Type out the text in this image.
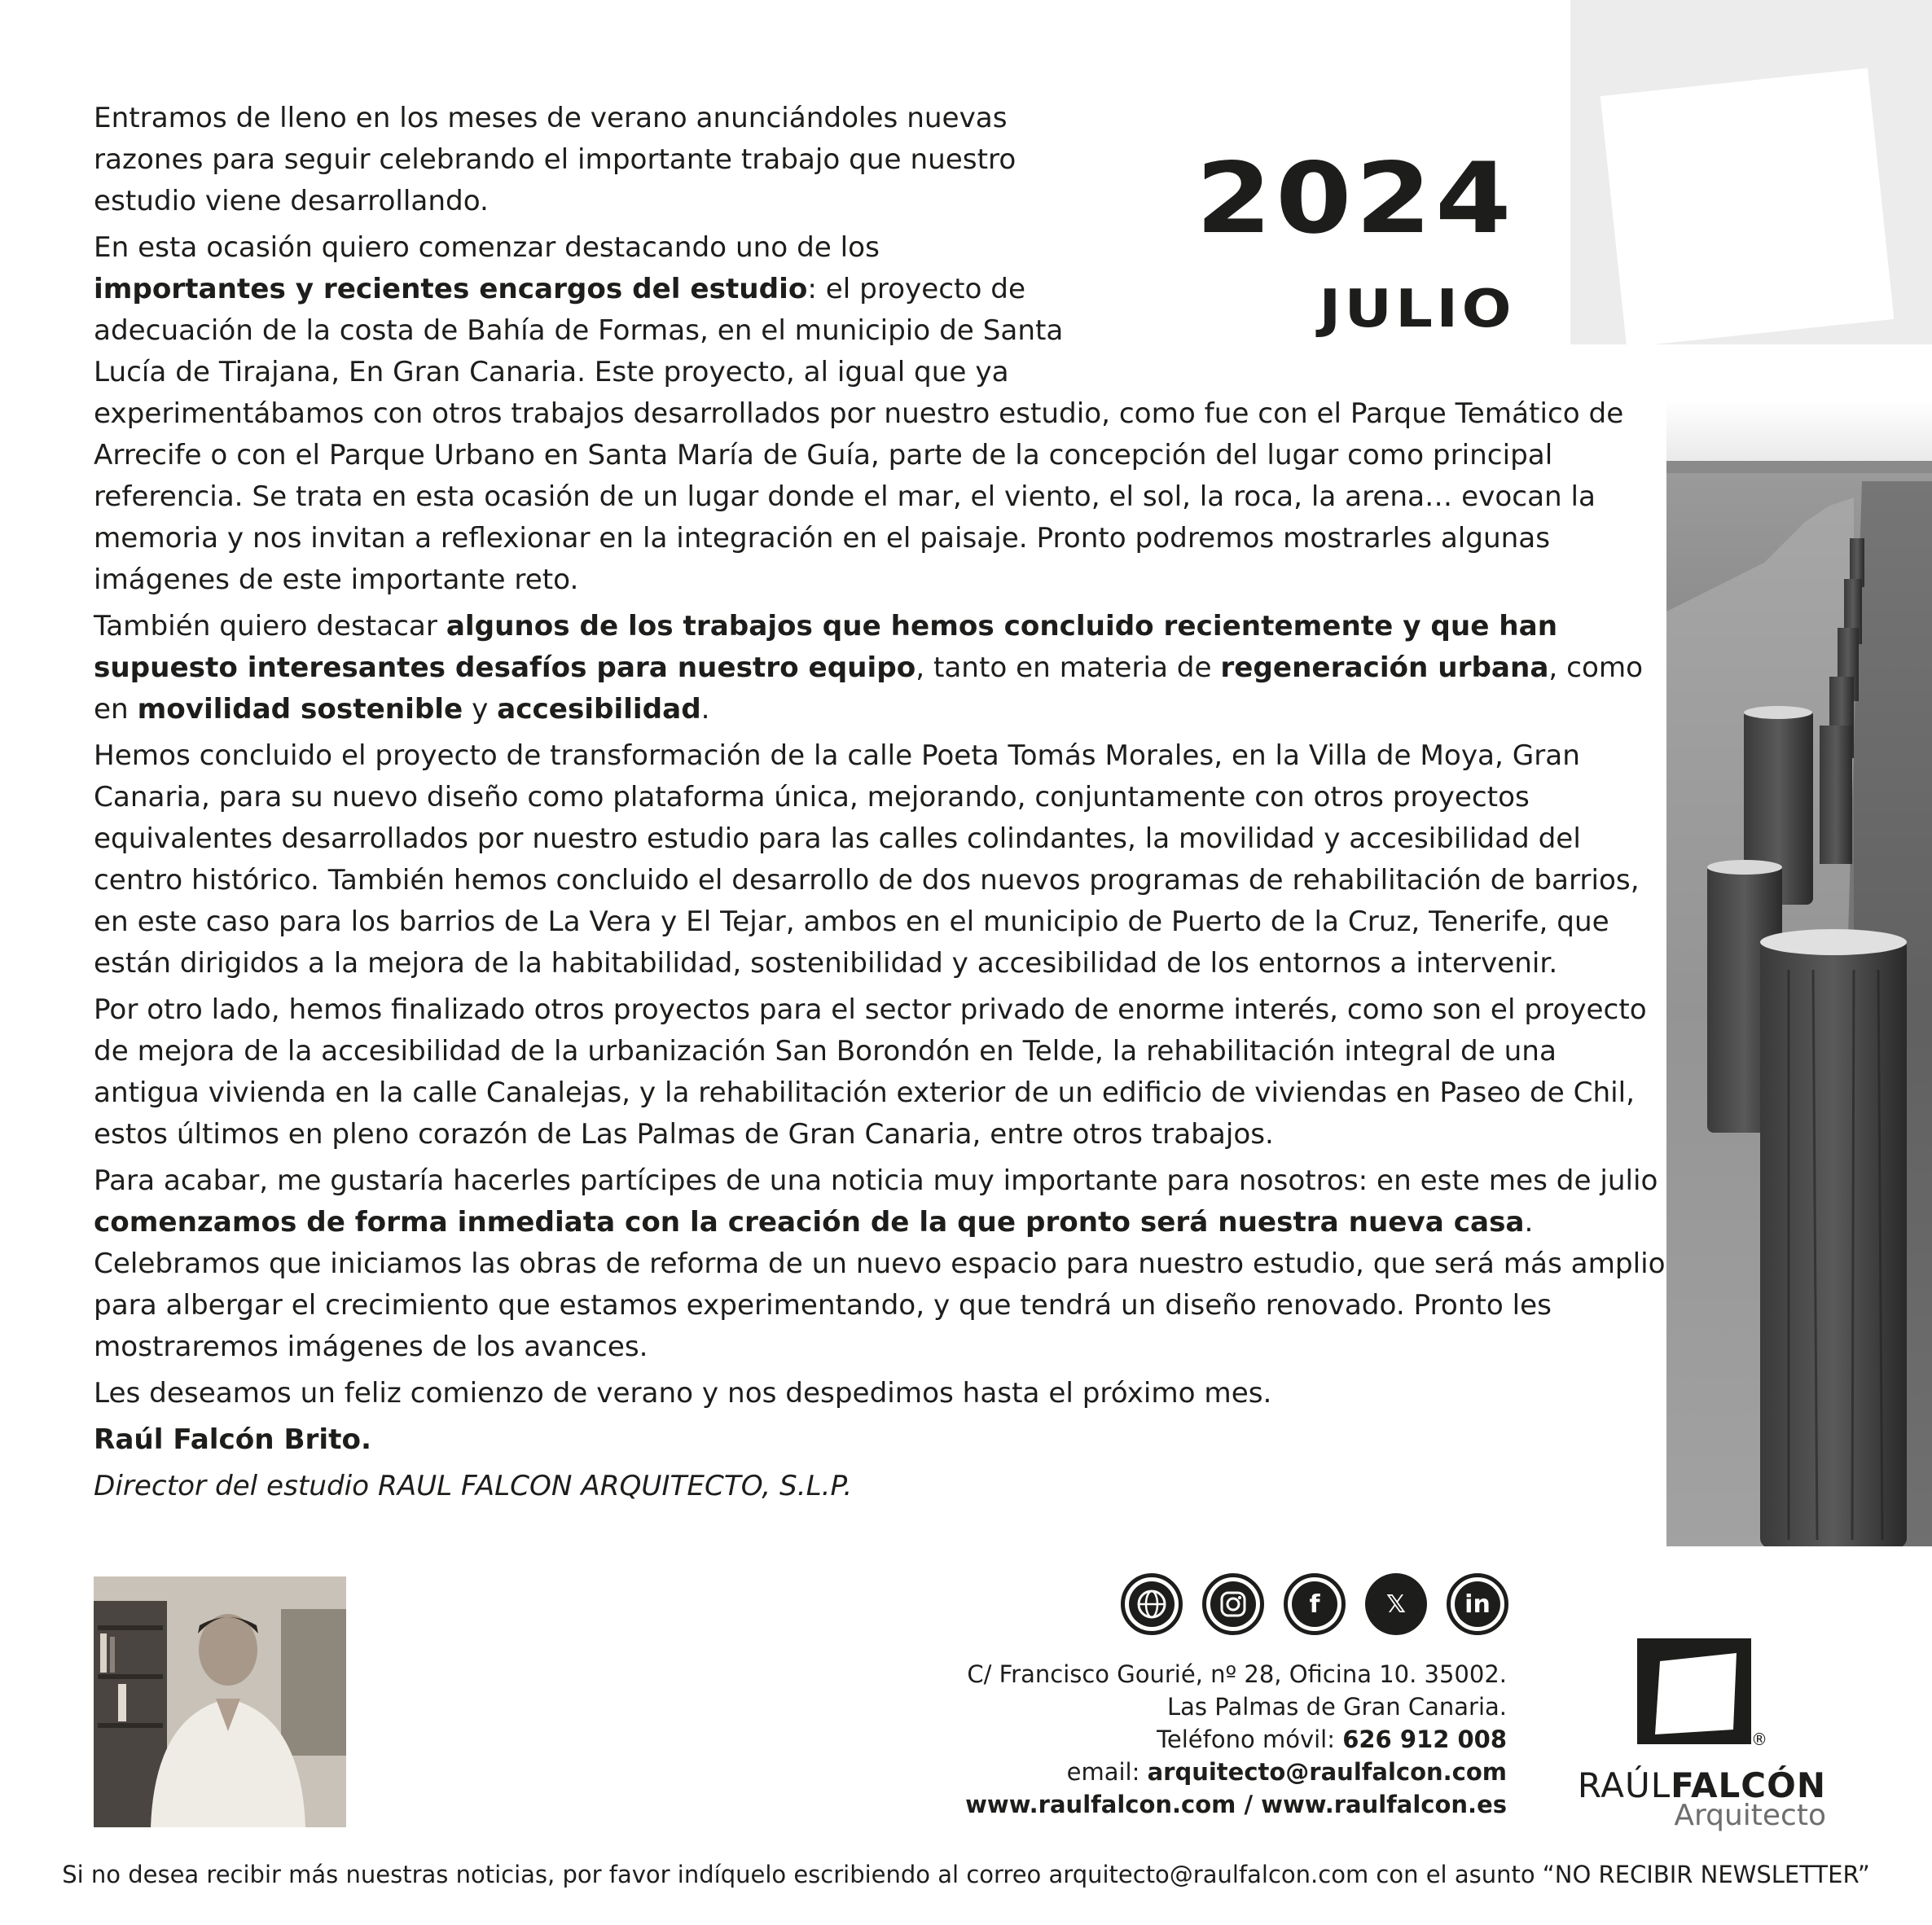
2024
JULIO

Entramos de lleno en los meses de verano anunciándoles nuevas razones para seguir celebrando el importante trabajo que nuestro estudio viene desarrollando.

En esta ocasión quiero comenzar destacando uno de los importantes y recientes encargos del estudio: el proyecto de adecuación de la costa de Bahía de Formas, en el municipio de Santa Lucía de Tirajana, En Gran Canaria. Este proyecto, al igual que ya
experimentábamos con otros trabajos desarrollados por nuestro estudio, como fue con el Parque Temático de Arrecife o con el Parque Urbano en Santa María de Guía, parte de la concepción del lugar como principal referencia. Se trata en esta ocasión de un lugar donde el mar, el viento, el sol, la roca, la arena… evocan la memoria y nos invitan a reflexionar en la integración en el paisaje. Pronto podremos mostrarles algunas imágenes de este importante reto.

También quiero destacar algunos de los trabajos que hemos concluido recientemente y que han supuesto interesantes desafíos para nuestro equipo, tanto en materia de regeneración urbana, como en movilidad sostenible y accesibilidad.

Hemos concluido el proyecto de transformación de la calle Poeta Tomás Morales, en la Villa de Moya, Gran Canaria, para su nuevo diseño como plataforma única, mejorando, conjuntamente con otros proyectos equivalentes desarrollados por nuestro estudio para las calles colindantes, la movilidad y accesibilidad del centro histórico. También hemos concluido el desarrollo de dos nuevos programas de rehabilitación de barrios, en este caso para los barrios de La Vera y El Tejar, ambos en el municipio de Puerto de la Cruz, Tenerife, que están dirigidos a la mejora de la habitabilidad, sostenibilidad y accesibilidad de los entornos a intervenir.

Por otro lado, hemos finalizado otros proyectos para el sector privado de enorme interés, como son el proyecto de mejora de la accesibilidad de la urbanización San Borondón en Telde, la rehabilitación integral de una antigua vivienda en la calle Canalejas, y la rehabilitación exterior de un edificio de viviendas en Paseo de Chil, estos últimos en pleno corazón de Las Palmas de Gran Canaria, entre otros trabajos.

Para acabar, me gustaría hacerles partícipes de una noticia muy importante para nosotros: en este mes de julio comenzamos de forma inmediata con la creación de la que pronto será nuestra nueva casa. Celebramos que iniciamos las obras de reforma de un nuevo espacio para nuestro estudio, que será más amplio para albergar el crecimiento que estamos experimentando, y que tendrá un diseño renovado. Pronto les mostraremos imágenes de los avances.

Les deseamos un feliz comienzo de verano y nos despedimos hasta el próximo mes.

Raúl Falcón Brito.

Director del estudio RAUL FALCON ARQUITECTO, S.L.P.

f	𝕏	in
C/ Francisco Gourié, nº 28, Oficina 10. 35002.
Las Palmas de Gran Canaria.
Teléfono móvil: 626 912 008
email: arquitecto@raulfalcon.com
www.raulfalcon.com / www.raulfalcon.es
®
RAÚLFALCÓN
Arquitecto
Si no desea recibir más nuestras noticias, por favor indíquelo escribiendo al correo arquitecto@raulfalcon.com con el asunto “NO RECIBIR NEWSLETTER”
